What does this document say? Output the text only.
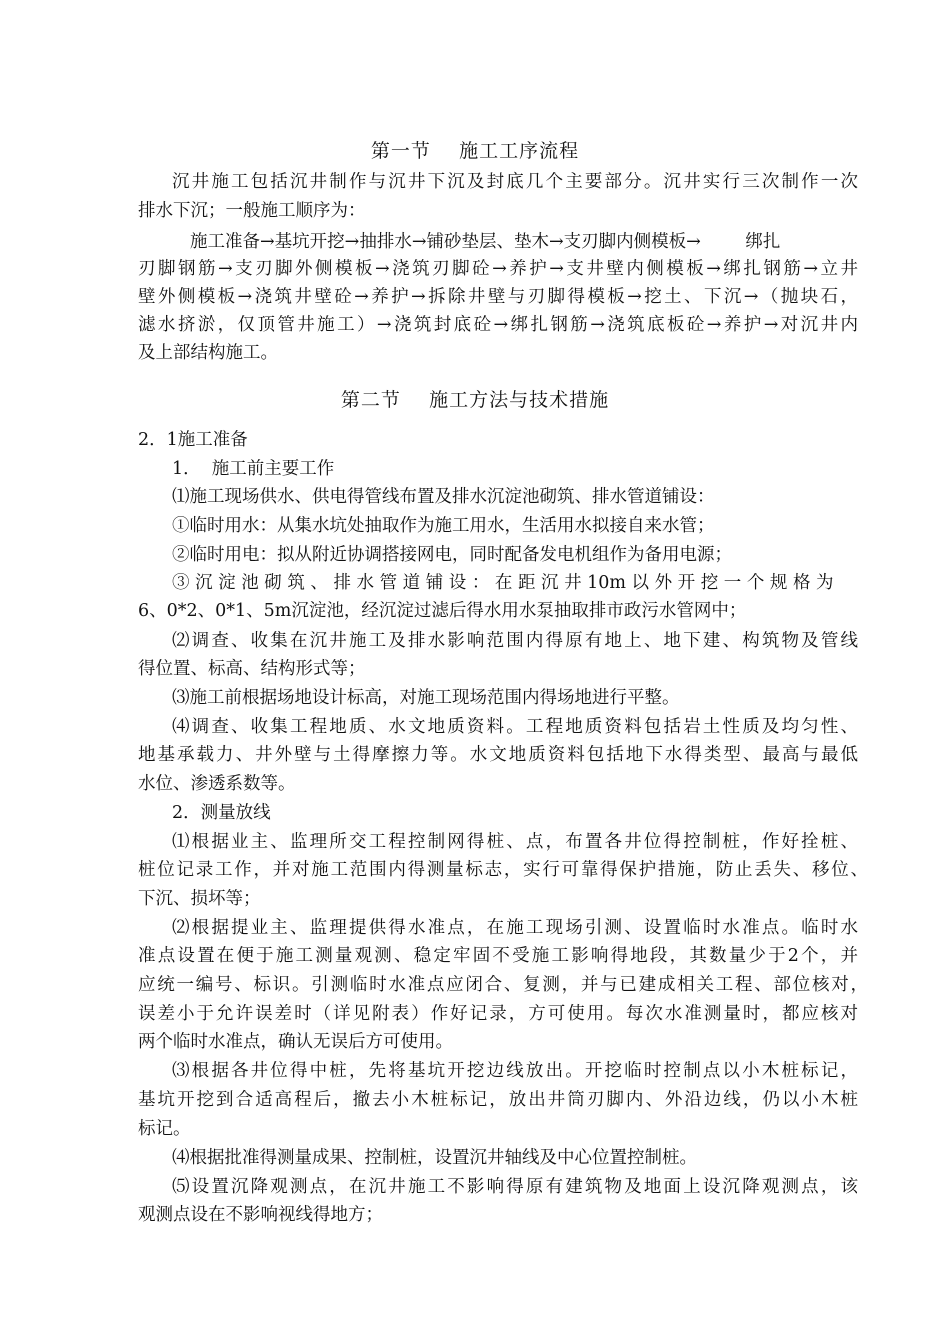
第一节    施工工序流程
沉井施工包括沉井制作与沉井下沉及封底几个主要部分。沉井实行三次制作一次
排水下沉；一般施工顺序为：
施工准备→基坑开挖→抽排水→铺砂垫层、垫木→支刃脚内侧模板→        绑扎
刃脚钢筋→支刃脚外侧模板→浇筑刃脚砼→养护→支井壁内侧模板→绑扎钢筋→立井
壁外侧模板→浇筑井壁砼→养护→拆除井壁与刃脚得模板→挖土、下沉→（抛块石，
滤水挤淤，仅顶管井施工）→浇筑封底砼→绑扎钢筋→浇筑底板砼→养护→对沉井内
及上部结构施工。
第二节    施工方法与技术措施
2．1施工准备
1．  施工前主要工作
⑴施工现场供水、供电得管线布置及排水沉淀池砌筑、排水管道铺设：
①临时用水：从集水坑处抽取作为施工用水，生活用水拟接自来水管；
②临时用电：拟从附近协调搭接网电，同时配备发电机组作为备用电源；
③ 沉 淀 池 砌 筑 、 排 水 管 道 铺 设 ： 在 距 沉 井 10m 以 外 开 挖 一 个 规 格 为
6、0*2、0*1、5m沉淀池，经沉淀过滤后得水用水泵抽取排市政污水管网中；
⑵调查、收集在沉井施工及排水影响范围内得原有地上、地下建、构筑物及管线
得位置、标高、结构形式等；
⑶施工前根据场地设计标高，对施工现场范围内得场地进行平整。
⑷调查、收集工程地质、水文地质资料。工程地质资料包括岩土性质及均匀性、
地基承载力、井外壁与土得摩擦力等。水文地质资料包括地下水得类型、最高与最低
水位、渗透系数等。
2．测量放线
⑴根据业主、监理所交工程控制网得桩、点，布置各井位得控制桩，作好拴桩、
桩位记录工作，并对施工范围内得测量标志，实行可靠得保护措施，防止丢失、移位、
下沉、损坏等；
⑵根据提业主、监理提供得水准点，在施工现场引测、设置临时水准点。临时水
准点设置在便于施工测量观测、稳定牢固不受施工影响得地段，其数量少于2个，并
应统一编号、标识。引测临时水准点应闭合、复测，并与已建成相关工程、部位核对，
误差小于允许误差时（详见附表）作好记录，方可使用。每次水准测量时，都应核对
两个临时水准点，确认无误后方可使用。
⑶根据各井位得中桩，先将基坑开挖边线放出。开挖临时控制点以小木桩标记，
基坑开挖到合适高程后，撤去小木桩标记，放出井筒刃脚内、外沿边线，仍以小木桩
标记。
⑷根据批准得测量成果、控制桩，设置沉井轴线及中心位置控制桩。
⑸设置沉降观测点，在沉井施工不影响得原有建筑物及地面上设沉降观测点，该
观测点设在不影响视线得地方；
